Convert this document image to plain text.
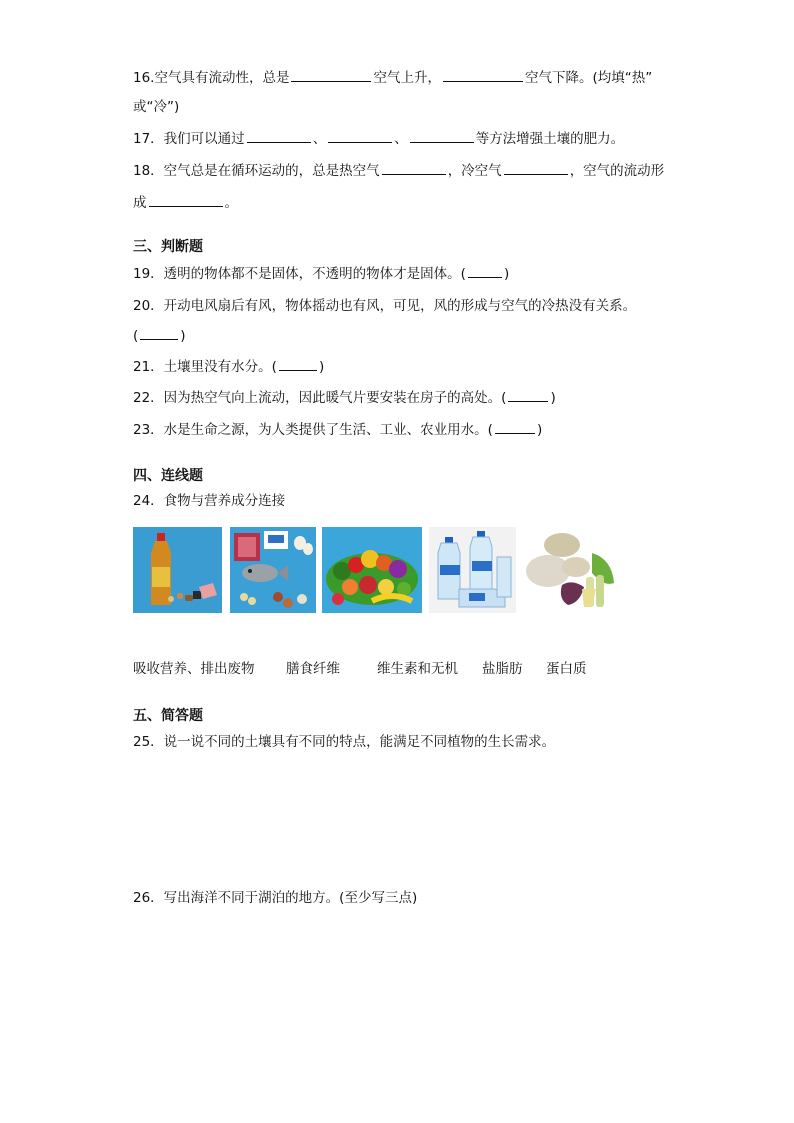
16.空气具有流动性，总是	空气上升，	空气下降。(均填“热”
或“冷”)
17．我们可以通过	、	、	等方法增强土壤的肥力。
18．空气总是在循环运动的，总是热空气	，冷空气	，空气的流动形
成	。
三、判断题
19．透明的物体都不是固体，不透明的物体才是固体。(	)
20．开动电风扇后有风，物体摇动也有风，可见，风的形成与空气的冷热没有关系。
(	)
21．土壤里没有水分。(	)
22．因为热空气向上流动，因此暖气片要安装在房子的高处。(	)
23．水是生命之源，为人类提供了生活、工业、农业用水。(	)
四、连线题
24．食物与营养成分连接
吸收营养、排出废物 膳食纤维	维生素和无机 盐脂肪 蛋白质
五、简答题
25．说一说不同的土壤具有不同的特点，能满足不同植物的生长需求。
26．写出海洋不同于湖泊的地方。(至少写三点)
